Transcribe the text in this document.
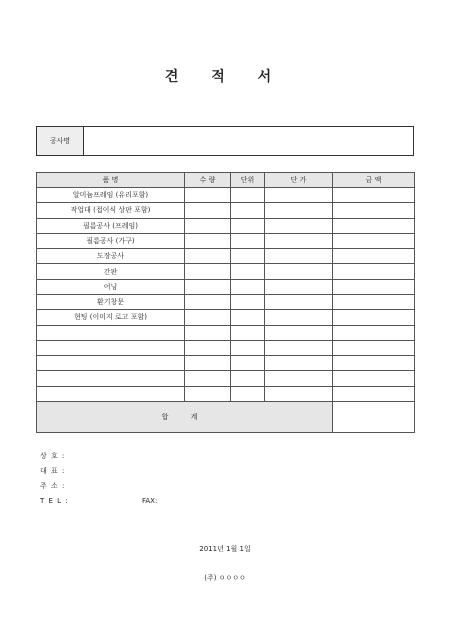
견 적 서
공사명
품 명	수 량	단위	단 가	금 액
알미늄프레임 (유리포함)				
작업대 (접이식 상판 포함)				
필름공사 (프레임)				
필름공사 (가구)				
도장공사				
간판				
어닝				
환기창문				
현팅 (이미지 로고 포함)				

합 계				
상 호 :
대 표 :
주 소 :
T E L :	FAX:
2011년 1월 1일
(주) ㅇㅇㅇㅇ
